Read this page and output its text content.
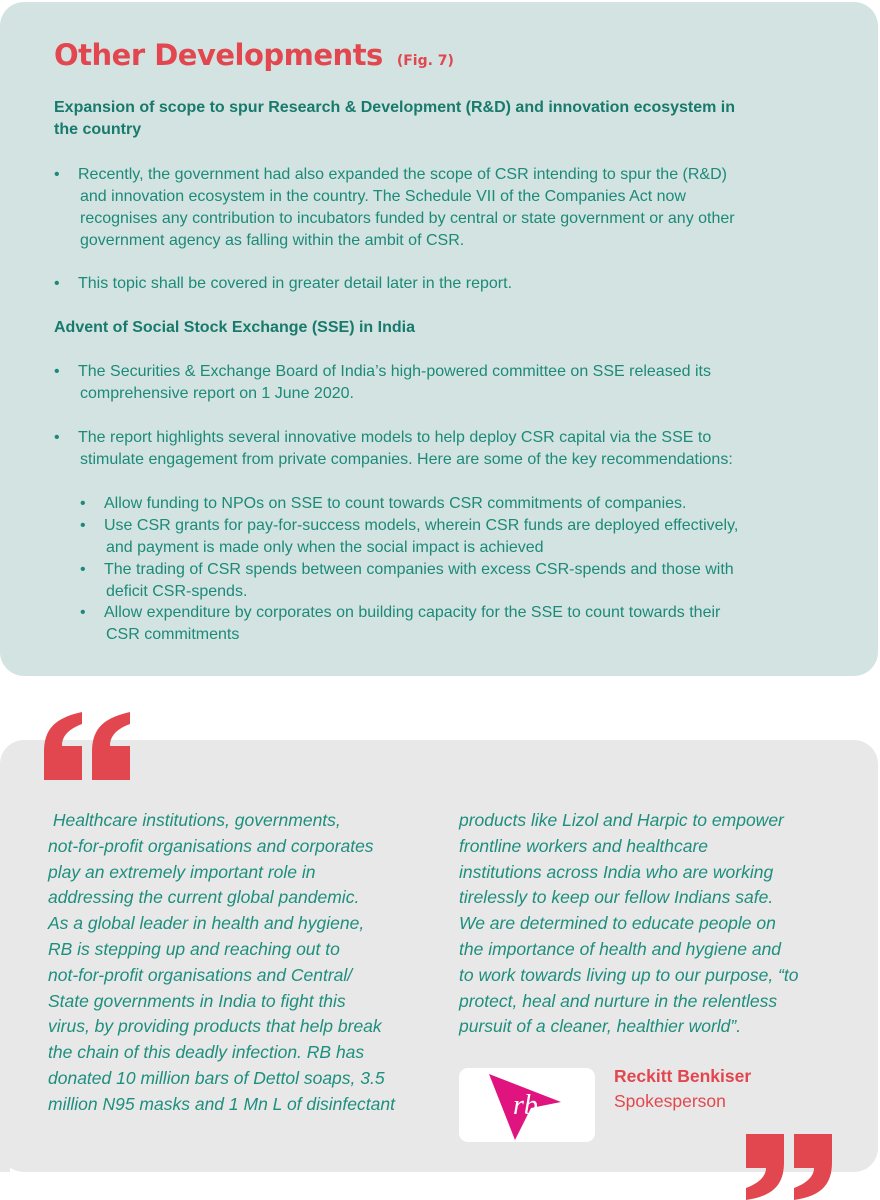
Other Developments (Fig. 7)
Expansion of scope to spur Research & Development (R&D) and innovation ecosystem in
the country
• Recently, the government had also expanded the scope of CSR intending to spur the (R&D)
and innovation ecosystem in the country. The Schedule VII of the Companies Act now
recognises any contribution to incubators funded by central or state government or any other
government agency as falling within the ambit of CSR.
• This topic shall be covered in greater detail later in the report.
Advent of Social Stock Exchange (SSE) in India
• The Securities & Exchange Board of India’s high-powered committee on SSE released its
comprehensive report on 1 June 2020.
• The report highlights several innovative models to help deploy CSR capital via the SSE to
stimulate engagement from private companies. Here are some of the key recommendations:
• Allow funding to NPOs on SSE to count towards CSR commitments of companies.
• Use CSR grants for pay-for-success models, wherein CSR funds are deployed effectively,
and payment is made only when the social impact is achieved
• The trading of CSR spends between companies with excess CSR-spends and those with
deficit CSR-spends.
• Allow expenditure by corporates on building capacity for the SSE to count towards their
CSR commitments
Healthcare institutions, governments,
not-for-profit organisations and corporates
play an extremely important role in
addressing the current global pandemic.
As a global leader in health and hygiene,
RB is stepping up and reaching out to
not-for-profit organisations and Central/
State governments in India to fight this
virus, by providing products that help break
the chain of this deadly infection. RB has
donated 10 million bars of Dettol soaps, 3.5
million N95 masks and 1 Mn L of disinfectant
products like Lizol and Harpic to empower
frontline workers and healthcare
institutions across India who are working
tirelessly to keep our fellow Indians safe.
We are determined to educate people on
the importance of health and hygiene and
to work towards living up to our purpose, “to
protect, heal and nurture in the relentless
pursuit of a cleaner, healthier world”.
rb
Reckitt Benkiser
Spokesperson
